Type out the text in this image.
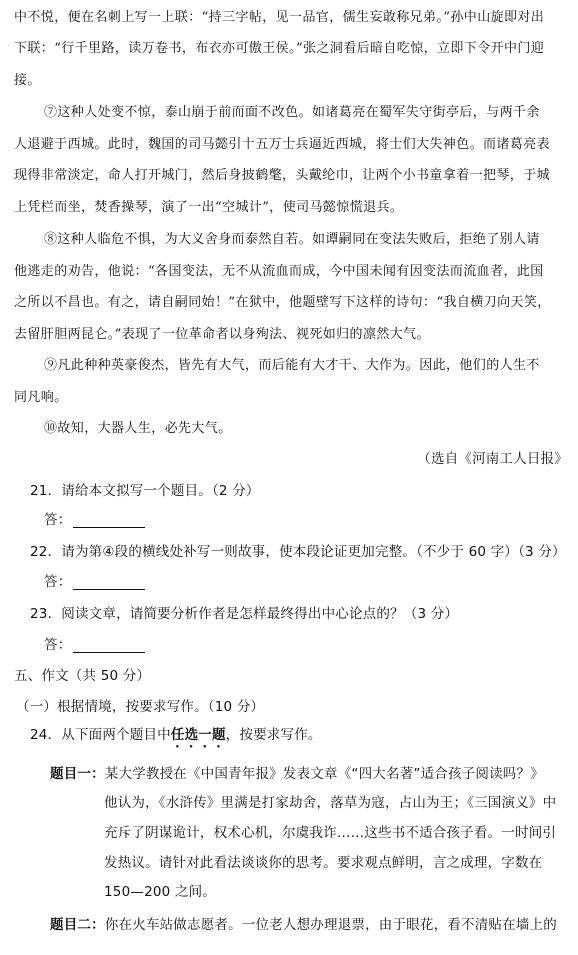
中不悦，便在名刺上写一上联：“持三字帖，见一品官，儒生妄敢称兄弟。”孙中山旋即对出
下联：“行千里路，读万卷书，布衣亦可傲王侯。”张之洞看后暗自吃惊，立即下令开中门迎
接。
⑦这种人处变不惊，泰山崩于前而面不改色。如诸葛亮在蜀军失守街亭后，与两千余
人退避于西城。此时，魏国的司马懿引十五万士兵逼近西城，将士们大失神色。而诸葛亮表
现得非常淡定，命人打开城门，然后身披鹤氅，头戴纶巾，让两个小书童拿着一把琴，于城
上凭栏而坐，焚香操琴，演了一出“空城计”，使司马懿惊慌退兵。
⑧这种人临危不惧，为大义舍身而泰然自若。如谭嗣同在变法失败后，拒绝了别人请
他逃走的劝告，他说：“各国变法，无不从流血而成，今中国未闻有因变法而流血者，此国
之所以不昌也。有之，请自嗣同始！”在狱中，他题壁写下这样的诗句：“我自横刀向天笑，
去留肝胆两昆仑。”表现了一位革命者以身殉法、视死如归的凛然大气。
⑨凡此种种英豪俊杰，皆先有大气，而后能有大才干、大作为。因此，他们的人生不
同凡响。
⑩故知，大器人生，必先大气。
（选自《河南工人日报》
21．请给本文拟写一个题目。（2 分）
答：
22．请为第④段的横线处补写一则故事，使本段论证更加完整。（不少于 60 字）（3 分）
答：
23．阅读文章，请简要分析作者是怎样最终得出中心论点的？（3 分）
答：
五、作文（共 50 分）
（一）根据情境，按要求写作。（10 分）
24．从下面两个题目中任选一题，按要求写作。
题目一：某大学教授在《中国青年报》发表文章《“四大名著”适合孩子阅读吗？》
他认为，《水浒传》里满是打家劫舍，落草为寇，占山为王；《三国演义》中
充斥了阴谋诡计，权术心机，尔虞我诈……这些书不适合孩子看。一时间引
发热议。请针对此看法谈谈你的思考。要求观点鲜明，言之成理，字数在
150—200 之间。
题目二：你在火车站做志愿者。一位老人想办理退票，由于眼花，看不清贴在墙上的
